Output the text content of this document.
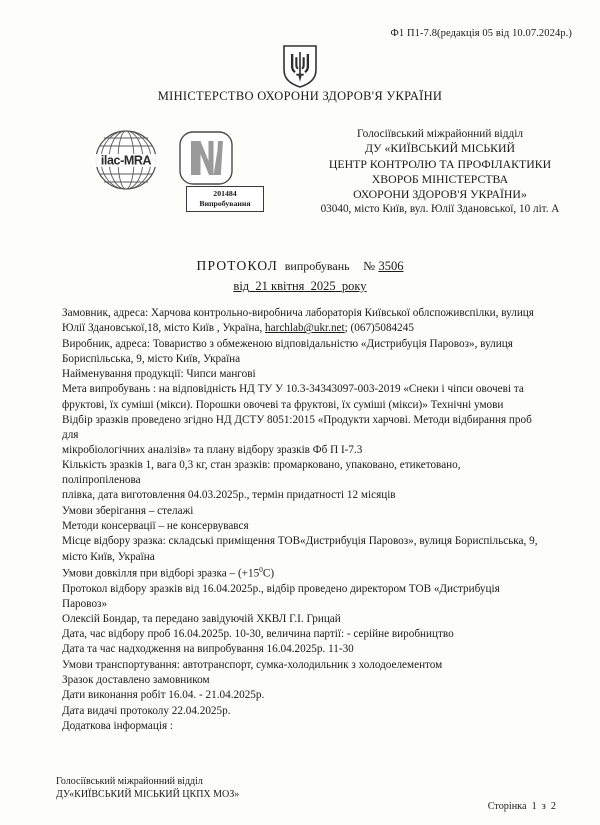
Ф1 П1-7.8(редакція 05 від 10.07.2024р.)
МІНІСТЕРСТВО ОХОРОНИ ЗДОРОВ'Я УКРАЇНИ
ilac-MRA
201484
Випробування
Голосіївський міжрайонний відділ
ДУ «КИЇВСЬКИЙ МІСЬКИЙ
ЦЕНТР КОНТРОЛЮ ТА ПРОФІЛАКТИКИ
ХВОРОБ МІНІСТЕРСТВА
ОХОРОНИ ЗДОРОВ'Я УКРАЇНИ»
03040, місто Київ, вул. Юлії Здановської, 10 літ. А
ПРОТОКОЛ випробувань № 3506
від 21 квітня 2025 року

Замовник, адреса: Харчова контрольно-виробнича лабораторія Київської облспоживспілки, вулиця

Юлії Здановської,18, місто Київ , Україна, harchlab@ukr.net; (067)5084245

Виробник, адреса: Товариство з обмеженою відповідальністю «Дистрибуція Паровоз», вулиця

Бориспільська, 9, місто Київ, Україна

Найменування продукції: Чипси мангові

Мета випробувань : на відповідність НД ТУ У 10.3-34343097-003-2019 «Снеки і чіпси овочеві та

фруктові, їх суміші (мікси). Порошки овочеві та фруктові, їх суміші (мікси)» Технічні умови

Відбір зразків проведено згідно НД ДСТУ 8051:2015 «Продукти харчові. Методи відбирання проб для

мікробіологічних аналізів» та плану відбору зразків Фб П І-7.3

Кількість зразків 1, вага 0,3 кг, стан зразків: промарковано, упаковано, етикетовано, поліпропіленова

плівка, дата виготовлення 04.03.2025р., термін придатності 12 місяців

Умови зберігання – стелажі

Методи консервації – не консервувався

Місце відбору зразка: складські приміщення ТОВ«Дистрибуція Паровоз», вулиця Бориспільська, 9,

місто Київ, Україна

Умови довкілля при відборі зразка – $(+15^0С)$

Протокол відбору зразків від 16.04.2025р., відбір проведено директором ТОВ «Дистрибуція Паровоз»

Олексій Бондар, та передано завідуючій ХКВЛ Г.І. Грицай

Дата, час відбору проб 16.04.2025р. 10-30, величина партії: - серійне виробництво

Дата та час надходження на випробування 16.04.2025р. 11-30

Умови транспортування: автотранспорт, сумка-холодильник з холодоелементом

Зразок доставлено замовником

Дати виконання робіт 16.04. - 21.04.2025р.

Дата видачі протоколу 22.04.2025р.

Додаткова інформація :

Голосіївський міжрайонний відділ
ДУ«КИЇВСЬКИЙ МІСЬКИЙ ЦКПХ МОЗ»
Сторінка 1 з 2
